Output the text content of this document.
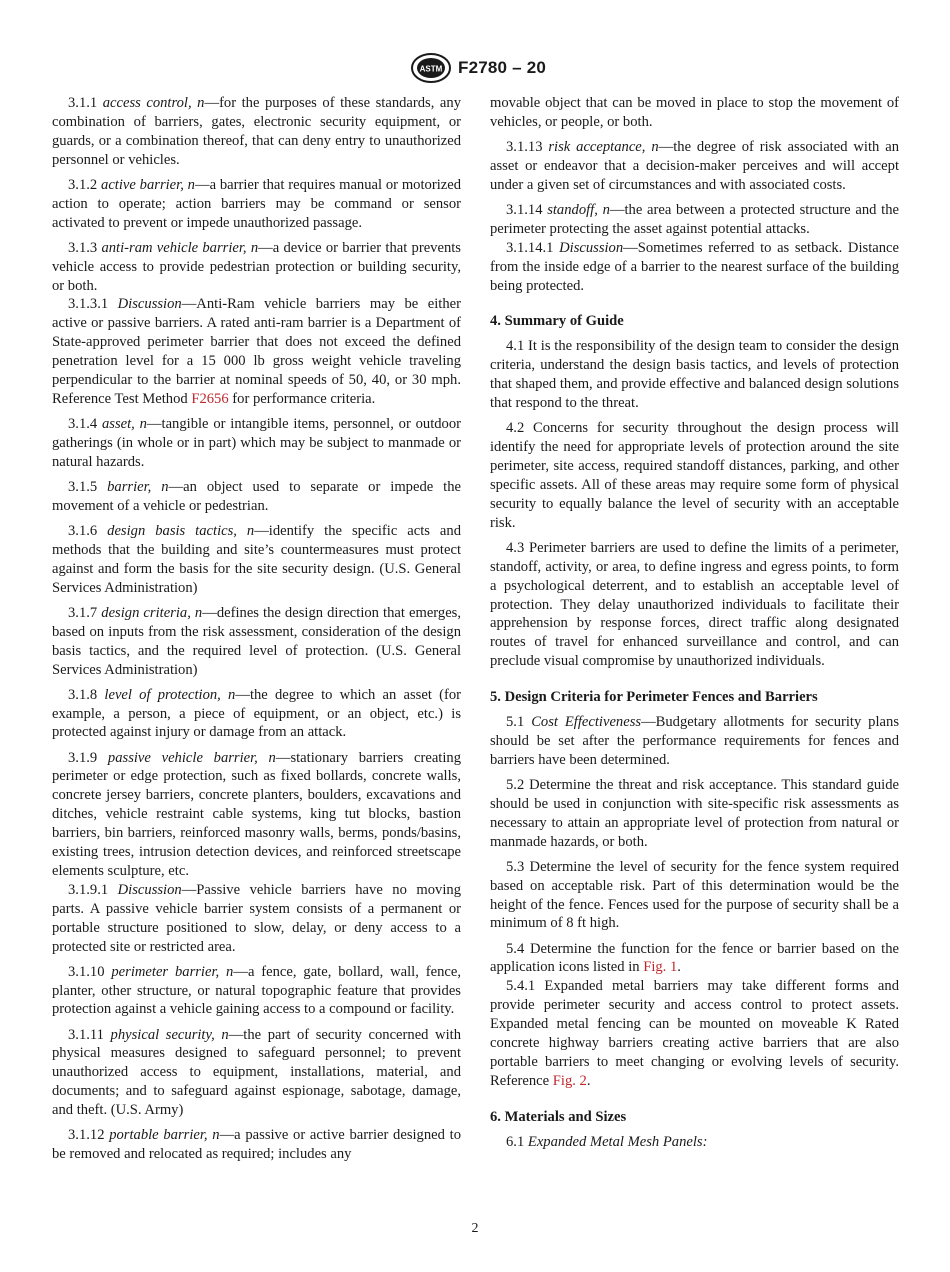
ASTM F2780 – 20

3.1.1 access control, n—for the purposes of these standards, any combination of barriers, gates, electronic security equipment, or guards, or a combination thereof, that can deny entry to unauthorized personnel or vehicles.

3.1.2 active barrier, n—a barrier that requires manual or motorized action to operate; action barriers may be command or sensor activated to prevent or impede unauthorized passage.

3.1.3 anti-ram vehicle barrier, n—a device or barrier that prevents vehicle access to provide pedestrian protection or building security, or both.

3.1.3.1 Discussion—Anti-Ram vehicle barriers may be either active or passive barriers. A rated anti-ram barrier is a Department of State-approved perimeter barrier that does not exceed the defined penetration level for a 15 000 lb gross weight vehicle traveling perpendicular to the barrier at nominal speeds of 50, 40, or 30 mph. Reference Test Method F2656 for performance criteria.

3.1.4 asset, n—tangible or intangible items, personnel, or outdoor gatherings (in whole or in part) which may be subject to manmade or natural hazards.

3.1.5 barrier, n—an object used to separate or impede the movement of a vehicle or pedestrian.

3.1.6 design basis tactics, n—identify the specific acts and methods that the building and site’s countermeasures must protect against and form the basis for the site security design. (U.S. General Services Administration)

3.1.7 design criteria, n—defines the design direction that emerges, based on inputs from the risk assessment, consideration of the design basis tactics, and the required level of protection. (U.S. General Services Administration)

3.1.8 level of protection, n—the degree to which an asset (for example, a person, a piece of equipment, or an object, etc.) is protected against injury or damage from an attack.

3.1.9 passive vehicle barrier, n—stationary barriers creating perimeter or edge protection, such as fixed bollards, concrete walls, concrete jersey barriers, concrete planters, boulders, excavations and ditches, vehicle restraint cable systems, king tut blocks, bastion barriers, bin barriers, reinforced masonry walls, berms, ponds/basins, existing trees, intrusion detection devices, and reinforced streetscape elements sculpture, etc.

3.1.9.1 Discussion—Passive vehicle barriers have no moving parts. A passive vehicle barrier system consists of a permanent or portable structure positioned to slow, delay, or deny access to a protected site or restricted area.

3.1.10 perimeter barrier, n—a fence, gate, bollard, wall, fence, planter, other structure, or natural topographic feature that provides protection against a vehicle gaining access to a compound or facility.

3.1.11 physical security, n—the part of security concerned with physical measures designed to safeguard personnel; to prevent unauthorized access to equipment, installations, material, and documents; and to safeguard against espionage, sabotage, damage, and theft. (U.S. Army)

3.1.12 portable barrier, n—a passive or active barrier designed to be removed and relocated as required; includes any

movable object that can be moved in place to stop the movement of vehicles, or people, or both.

3.1.13 risk acceptance, n—the degree of risk associated with an asset or endeavor that a decision-maker perceives and will accept under a given set of circumstances and with associated costs.

3.1.14 standoff, n—the area between a protected structure and the perimeter protecting the asset against potential attacks.

3.1.14.1 Discussion—Sometimes referred to as setback. Distance from the inside edge of a barrier to the nearest surface of the building being protected.

4. Summary of Guide

4.1 It is the responsibility of the design team to consider the design criteria, understand the design basis tactics, and levels of protection that shaped them, and provide effective and balanced design solutions that respond to the threat.

4.2 Concerns for security throughout the design process will identify the need for appropriate levels of protection around the site perimeter, site access, required standoff distances, parking, and other specific assets. All of these areas may require some form of physical security to equally balance the level of security with an acceptable risk.

4.3 Perimeter barriers are used to define the limits of a perimeter, standoff, activity, or area, to define ingress and egress points, to form a psychological deterrent, and to establish an acceptable level of protection. They delay unauthorized individuals to facilitate their apprehension by response forces, direct traffic along designated routes of travel for enhanced surveillance and control, and can preclude visual compromise by unauthorized individuals.

5. Design Criteria for Perimeter Fences and Barriers

5.1 Cost Effectiveness—Budgetary allotments for security plans should be set after the performance requirements for fences and barriers have been determined.

5.2 Determine the threat and risk acceptance. This standard guide should be used in conjunction with site-specific risk assessments as necessary to attain an appropriate level of protection from natural or manmade hazards, or both.

5.3 Determine the level of security for the fence system required based on acceptable risk. Part of this determination would be the height of the fence. Fences used for the purpose of security shall be a minimum of 8 ft high.

5.4 Determine the function for the fence or barrier based on the application icons listed in Fig. 1.

5.4.1 Expanded metal barriers may take different forms and provide perimeter security and access control to protect assets. Expanded metal fencing can be mounted on moveable K Rated concrete highway barriers creating active barriers that are also portable barriers to meet changing or evolving levels of security. Reference Fig. 2.

6. Materials and Sizes

6.1 Expanded Metal Mesh Panels:

2
